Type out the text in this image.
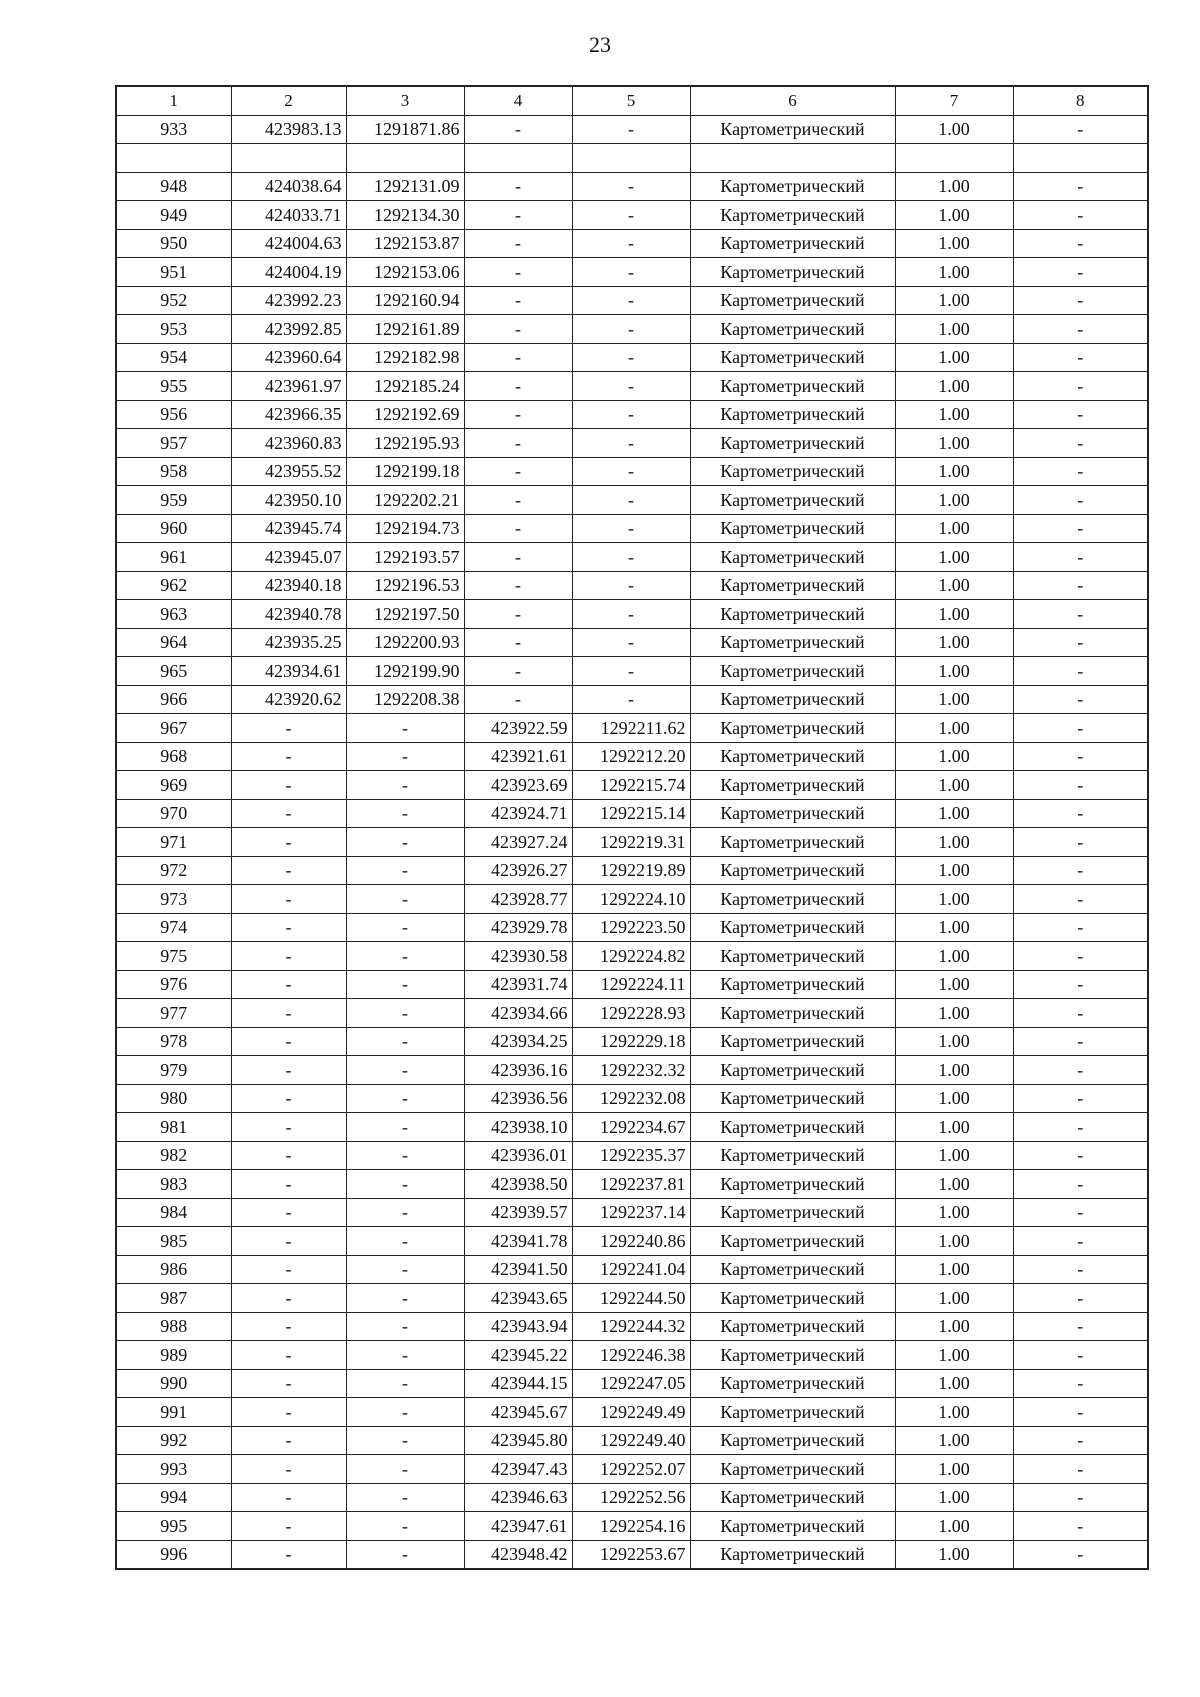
23
1	2	3	4	5	6	7	8
933	423983.13	1291871.86	-	-	Картометрический	1.00	-

948	424038.64	1292131.09	-	-	Картометрический	1.00	-
949	424033.71	1292134.30	-	-	Картометрический	1.00	-
950	424004.63	1292153.87	-	-	Картометрический	1.00	-
951	424004.19	1292153.06	-	-	Картометрический	1.00	-
952	423992.23	1292160.94	-	-	Картометрический	1.00	-
953	423992.85	1292161.89	-	-	Картометрический	1.00	-
954	423960.64	1292182.98	-	-	Картометрический	1.00	-
955	423961.97	1292185.24	-	-	Картометрический	1.00	-
956	423966.35	1292192.69	-	-	Картометрический	1.00	-
957	423960.83	1292195.93	-	-	Картометрический	1.00	-
958	423955.52	1292199.18	-	-	Картометрический	1.00	-
959	423950.10	1292202.21	-	-	Картометрический	1.00	-
960	423945.74	1292194.73	-	-	Картометрический	1.00	-
961	423945.07	1292193.57	-	-	Картометрический	1.00	-
962	423940.18	1292196.53	-	-	Картометрический	1.00	-
963	423940.78	1292197.50	-	-	Картометрический	1.00	-
964	423935.25	1292200.93	-	-	Картометрический	1.00	-
965	423934.61	1292199.90	-	-	Картометрический	1.00	-
966	423920.62	1292208.38	-	-	Картометрический	1.00	-
967	-	-	423922.59	1292211.62	Картометрический	1.00	-
968	-	-	423921.61	1292212.20	Картометрический	1.00	-
969	-	-	423923.69	1292215.74	Картометрический	1.00	-
970	-	-	423924.71	1292215.14	Картометрический	1.00	-
971	-	-	423927.24	1292219.31	Картометрический	1.00	-
972	-	-	423926.27	1292219.89	Картометрический	1.00	-
973	-	-	423928.77	1292224.10	Картометрический	1.00	-
974	-	-	423929.78	1292223.50	Картометрический	1.00	-
975	-	-	423930.58	1292224.82	Картометрический	1.00	-
976	-	-	423931.74	1292224.11	Картометрический	1.00	-
977	-	-	423934.66	1292228.93	Картометрический	1.00	-
978	-	-	423934.25	1292229.18	Картометрический	1.00	-
979	-	-	423936.16	1292232.32	Картометрический	1.00	-
980	-	-	423936.56	1292232.08	Картометрический	1.00	-
981	-	-	423938.10	1292234.67	Картометрический	1.00	-
982	-	-	423936.01	1292235.37	Картометрический	1.00	-
983	-	-	423938.50	1292237.81	Картометрический	1.00	-
984	-	-	423939.57	1292237.14	Картометрический	1.00	-
985	-	-	423941.78	1292240.86	Картометрический	1.00	-
986	-	-	423941.50	1292241.04	Картометрический	1.00	-
987	-	-	423943.65	1292244.50	Картометрический	1.00	-
988	-	-	423943.94	1292244.32	Картометрический	1.00	-
989	-	-	423945.22	1292246.38	Картометрический	1.00	-
990	-	-	423944.15	1292247.05	Картометрический	1.00	-
991	-	-	423945.67	1292249.49	Картометрический	1.00	-
992	-	-	423945.80	1292249.40	Картометрический	1.00	-
993	-	-	423947.43	1292252.07	Картометрический	1.00	-
994	-	-	423946.63	1292252.56	Картометрический	1.00	-
995	-	-	423947.61	1292254.16	Картометрический	1.00	-
996	-	-	423948.42	1292253.67	Картометрический	1.00	-
